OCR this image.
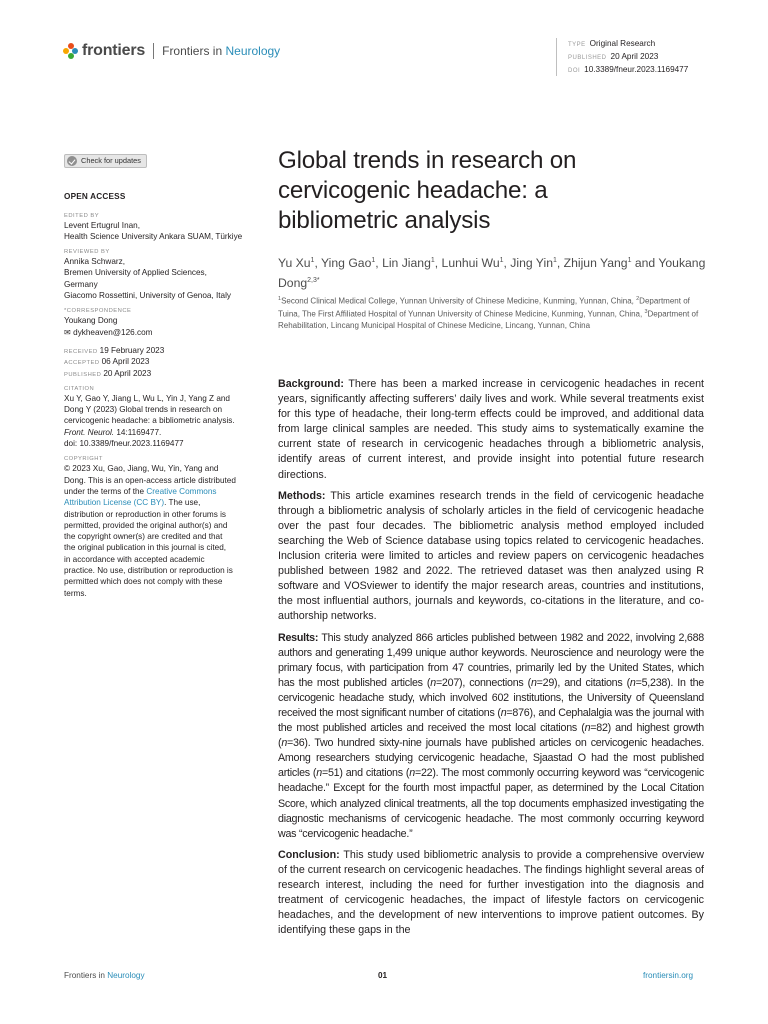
frontiers Frontiers in Neurology	TYPE Original Research
PUBLISHED 20 April 2023
DOI 10.3389/fneur.2023.1169477
Check for updates
OPEN ACCESS
EDITED BY
Levent Ertugrul Inan,
Health Science University Ankara SUAM, Türkiye
REVIEWED BY
Annika Schwarz,
Bremen University of Applied Sciences,
Germany
Giacomo Rossettini, University of Genoa, Italy
*CORRESPONDENCE
Youkang Dong
✉ dykheaven@126.com
RECEIVED 19 February 2023
ACCEPTED 06 April 2023
PUBLISHED 20 April 2023
CITATION
Xu Y, Gao Y, Jiang L, Wu L, Yin J, Yang Z and
Dong Y (2023) Global trends in research on
cervicogenic headache: a bibliometric analysis.
Front. Neurol. 14:1169477.
doi: 10.3389/fneur.2023.1169477
COPYRIGHT
© 2023 Xu, Gao, Jiang, Wu, Yin, Yang and
Dong. This is an open-access article distributed
under the terms of the Creative Commons
Attribution License (CC BY). The use,
distribution or reproduction in other forums is
permitted, provided the original author(s) and
the copyright owner(s) are credited and that
the original publication in this journal is cited,
in accordance with accepted academic
practice. No use, distribution or reproduction is
permitted which does not comply with these
terms.
Global trends in research on
cervicogenic headache: a
bibliometric analysis
Yu Xu$^1$, Ying Gao$^1$, Lin Jiang$^1$, Lunhui Wu$^1$, Jing Yin$^1$, Zhijun Yang$^1$ and Youkang Dong$^{2,3*}$
$^1$Second Clinical Medical College, Yunnan University of Chinese Medicine, Kunming, Yunnan, China, $^2$Department of Tuina, The First Affiliated Hospital of Yunnan University of Chinese Medicine, Kunming, Yunnan, China, $^3$Department of Rehabilitation, Lincang Municipal Hospital of Chinese Medicine, Lincang, Yunnan, China

Background: There has been a marked increase in cervicogenic headaches in recent years, significantly affecting sufferers’ daily lives and work. While several treatments exist for this type of headache, their long-term effects could be improved, and additional data from large clinical samples are needed. This study aims to systematically examine the current state of research in cervicogenic headaches through a bibliometric analysis, identify areas of current interest, and provide insight into potential future research directions.

Methods: This article examines research trends in the field of cervicogenic headache through a bibliometric analysis of scholarly articles in the field of cervicogenic headache over the past four decades. The bibliometric analysis method employed included searching the Web of Science database using topics related to cervicogenic headaches. Inclusion criteria were limited to articles and review papers on cervicogenic headaches published between 1982 and 2022. The retrieved dataset was then analyzed using R software and VOSviewer to identify the major research areas, countries and institutions, the most influential authors, journals and keywords, co-citations in the literature, and co-authorship networks.

Results: This study analyzed 866 articles published between 1982 and 2022, involving 2,688 authors and generating 1,499 unique author keywords. Neuroscience and neurology were the primary focus, with participation from 47 countries, primarily led by the United States, which has the most published articles (n=207), connections (n=29), and citations (n=5,238). In the cervicogenic headache study, which involved 602 institutions, the University of Queensland received the most significant number of citations (n=876), and Cephalalgia was the journal with the most published articles and received the most local citations (n=82) and highest growth (n=36). Two hundred sixty-nine journals have published articles on cervicogenic headaches. Among researchers studying cervicogenic headache, Sjaastad O had the most published articles (n=51) and citations (n=22). The most commonly occurring keyword was “cervicogenic headache.” Except for the fourth most impactful paper, as determined by the Local Citation Score, which analyzed clinical treatments, all the top documents emphasized investigating the diagnostic mechanisms of cervicogenic headache. The most commonly occurring keyword was “cervicogenic headache.”

Conclusion: This study used bibliometric analysis to provide a comprehensive overview of the current research on cervicogenic headaches. The findings highlight several areas of research interest, including the need for further investigation into the diagnosis and treatment of cervicogenic headaches, the impact of lifestyle factors on cervicogenic headaches, and the development of new interventions to improve patient outcomes. By identifying these gaps in the

Frontiers in Neurology	01	frontiersin.org
